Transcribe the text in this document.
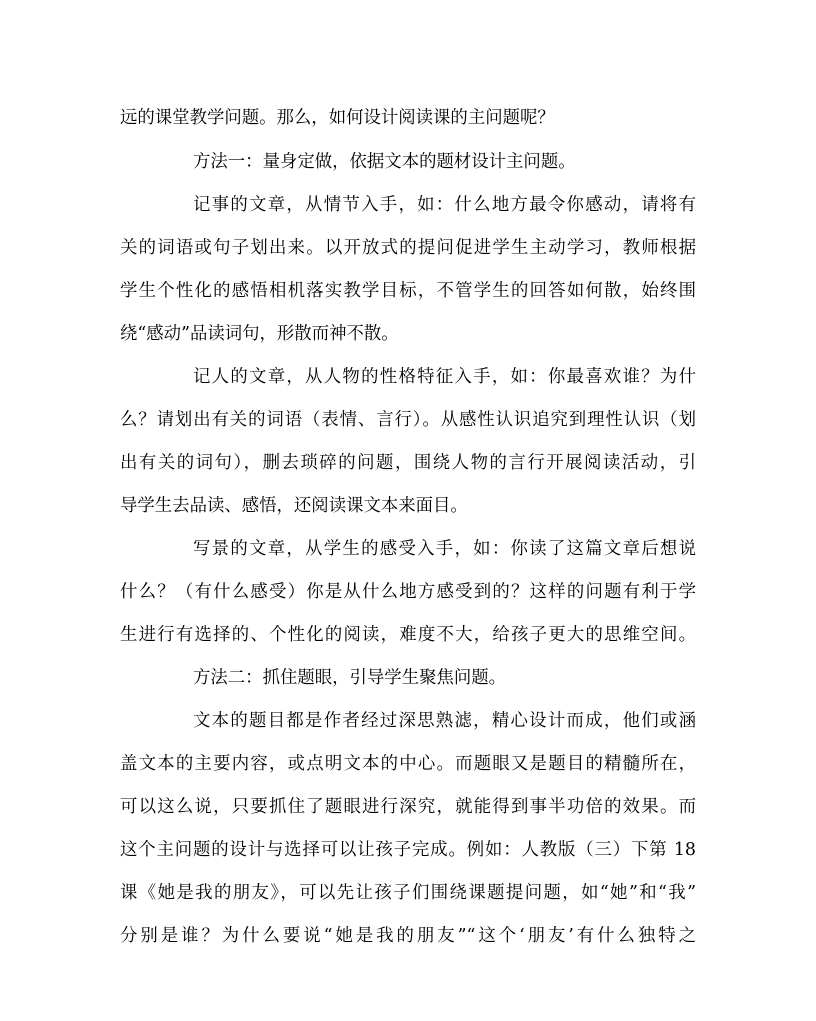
远的课堂教学问题。那么，如何设计阅读课的主问题呢？
方法一：量身定做，依据文本的题材设计主问题。
记事的文章，从情节入手，如：什么地方最令你感动，请将有
关的词语或句子划出来。以开放式的提问促进学生主动学习，教师根据
学生个性化的感悟相机落实教学目标，不管学生的回答如何散，始终围
绕“感动”品读词句，形散而神不散。
记人的文章，从人物的性格特征入手，如：你最喜欢谁？为什
么？请划出有关的词语（表情、言行）。从感性认识追究到理性认识（划
出有关的词句），删去琐碎的问题，围绕人物的言行开展阅读活动，引
导学生去品读、感悟，还阅读课文本来面目。
写景的文章，从学生的感受入手，如：你读了这篇文章后想说
什么？（有什么感受）你是从什么地方感受到的？这样的问题有利于学
生进行有选择的、个性化的阅读，难度不大，给孩子更大的思维空间。
方法二：抓住题眼，引导学生聚焦问题。
文本的题目都是作者经过深思熟滤，精心设计而成，他们或涵
盖文本的主要内容，或点明文本的中心。而题眼又是题目的精髓所在，
可以这么说，只要抓住了题眼进行深究，就能得到事半功倍的效果。而
这个主问题的设计与选择可以让孩子完成。例如：人教版（三）下第 18
课《她是我的朋友》，可以先让孩子们围绕课题提问题，如“她”和“我”
分别是谁？为什么要说“她是我的朋友”“这个‘朋友’有什么独特之
